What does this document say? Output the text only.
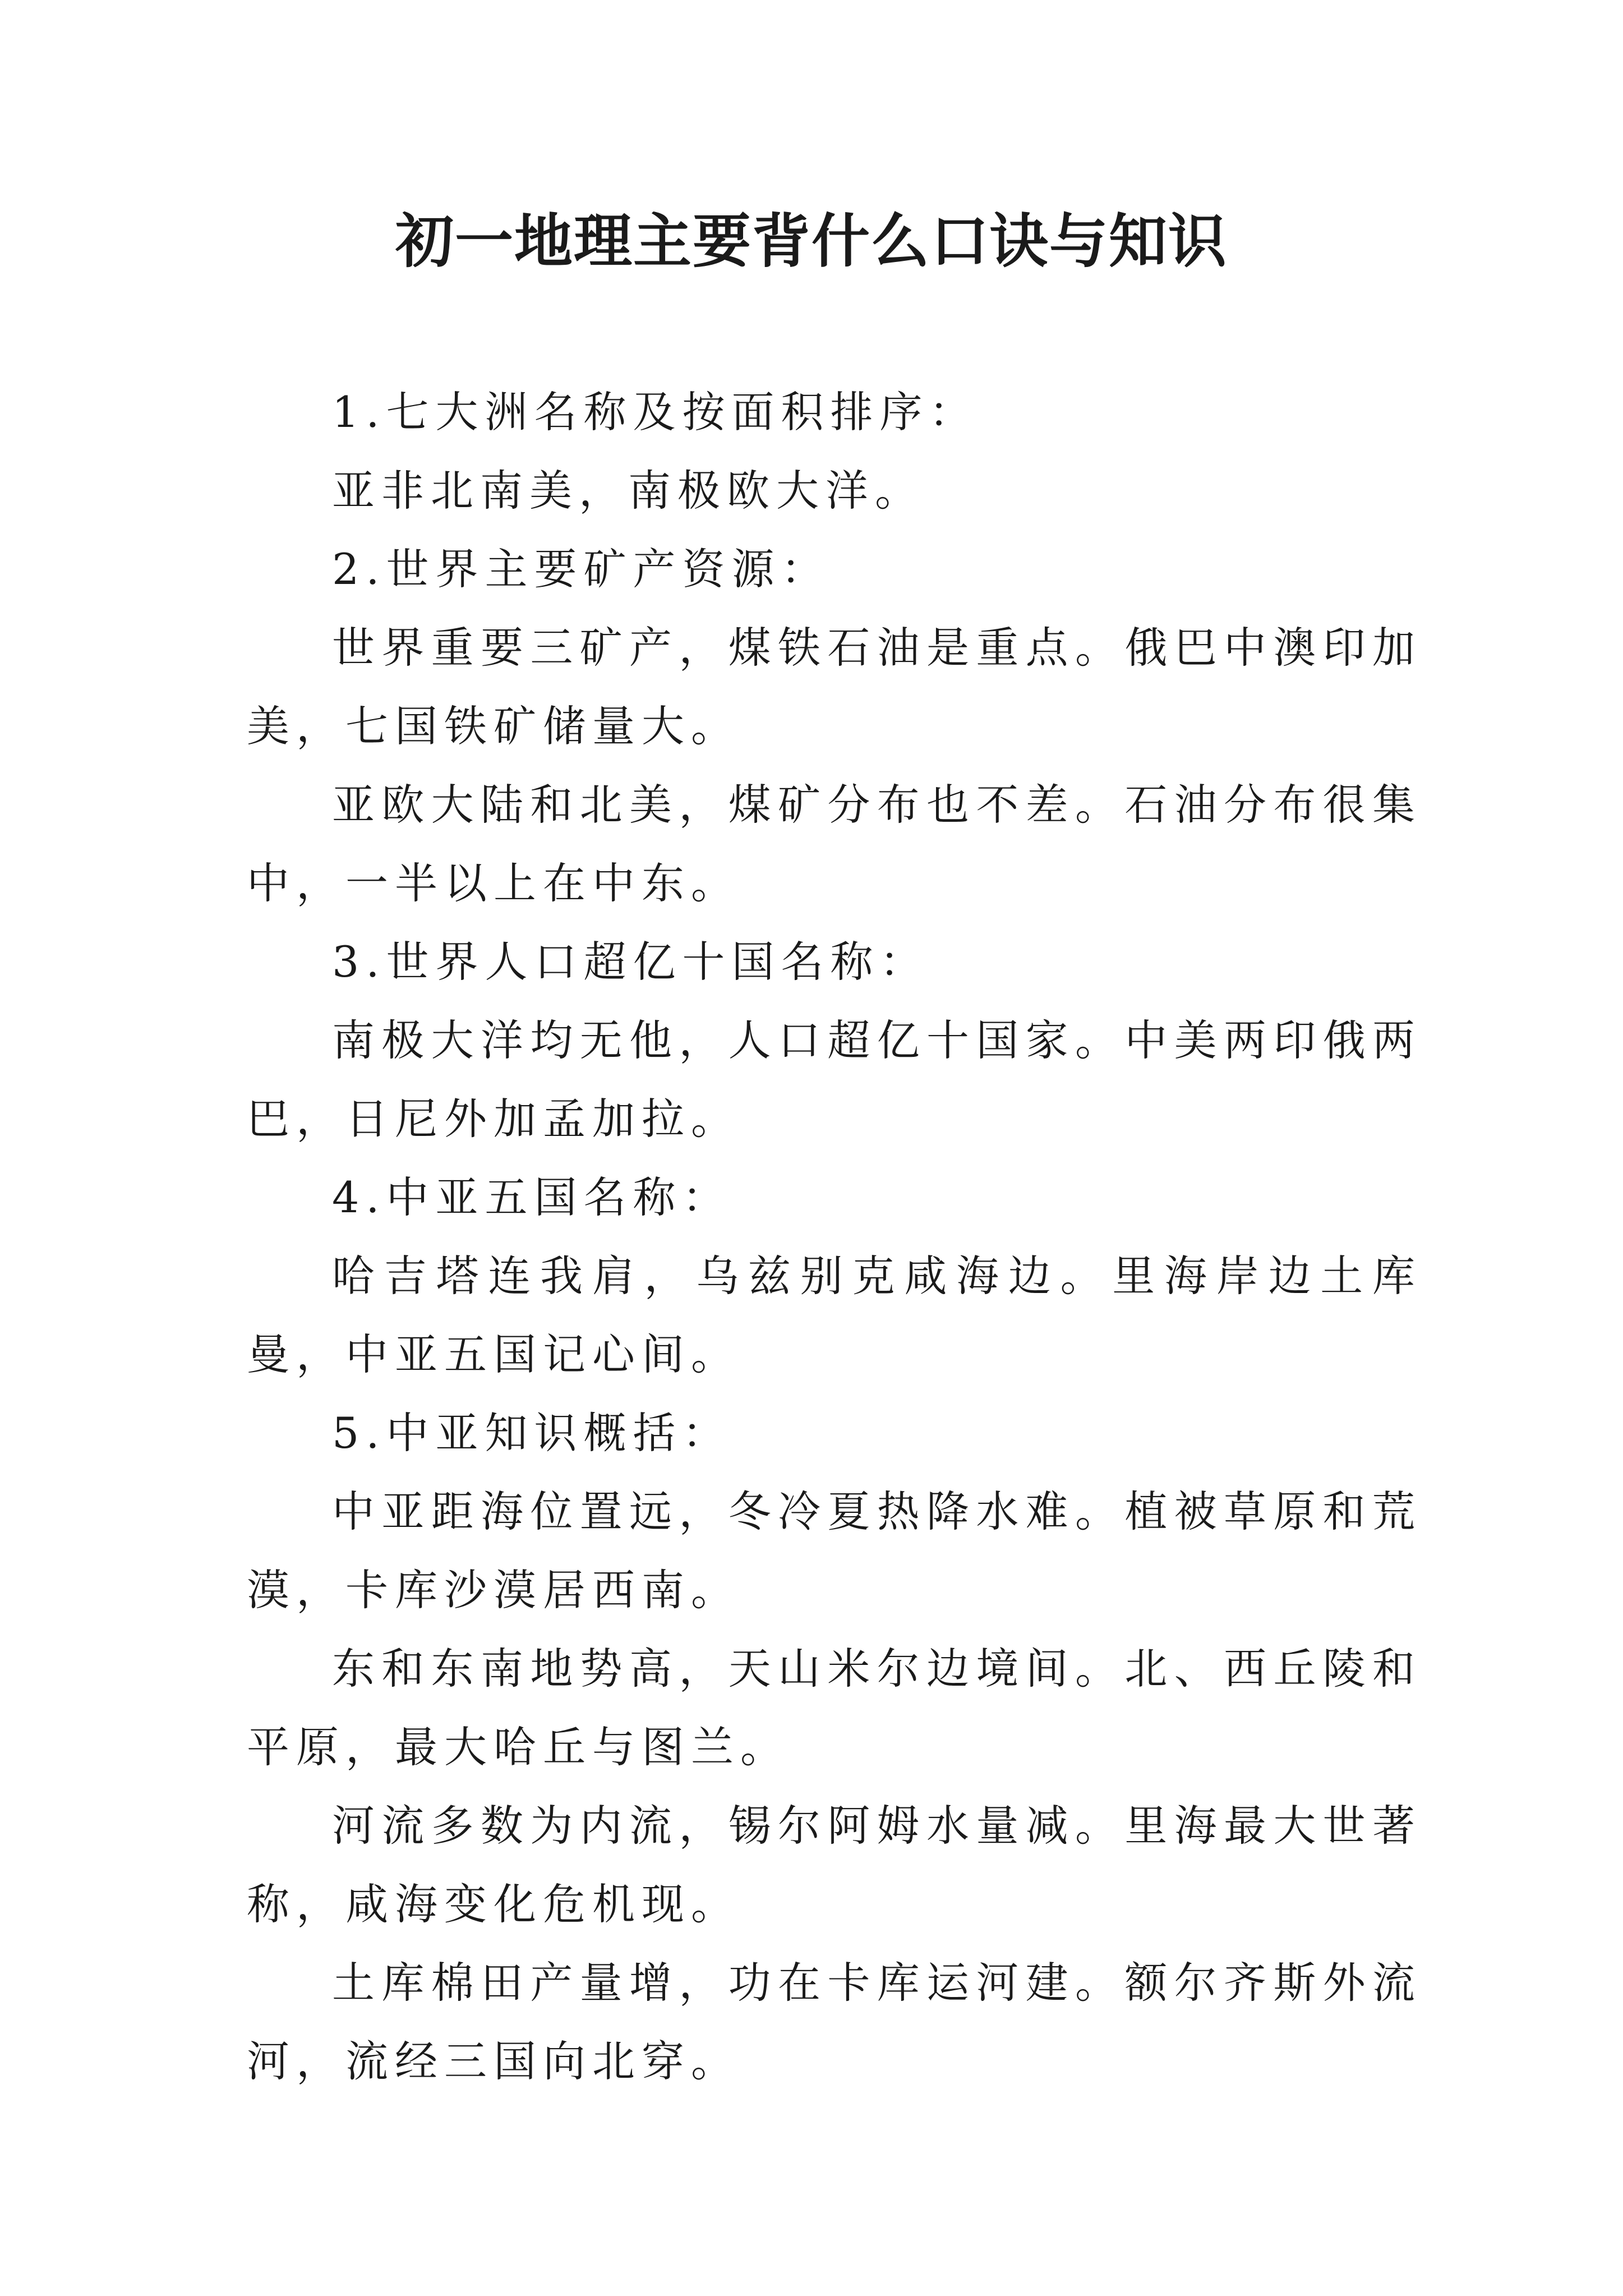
初一地理主要背什么口诀与知识

1.七大洲名称及按面积排序：

亚非北南美，南极欧大洋。

2.世界主要矿产资源：

世界重要三矿产，煤铁石油是重点。俄巴中澳印加美，七国铁矿储量大。

亚欧大陆和北美，煤矿分布也不差。石油分布很集中，一半以上在中东。

3.世界人口超亿十国名称：

南极大洋均无他，人口超亿十国家。中美两印俄两巴，日尼外加孟加拉。

4.中亚五国名称：

哈吉塔连我肩，乌兹别克咸海边。里海岸边土库曼，中亚五国记心间。

5.中亚知识概括：

中亚距海位置远，冬冷夏热降水难。植被草原和荒漠，卡库沙漠居西南。

东和东南地势高，天山米尔边境间。北、西丘陵和平原，最大哈丘与图兰。

河流多数为内流，锡尔阿姆水量减。里海最大世著称，咸海变化危机现。

土库棉田产量增，功在卡库运河建。额尔齐斯外流河，流经三国向北穿。
